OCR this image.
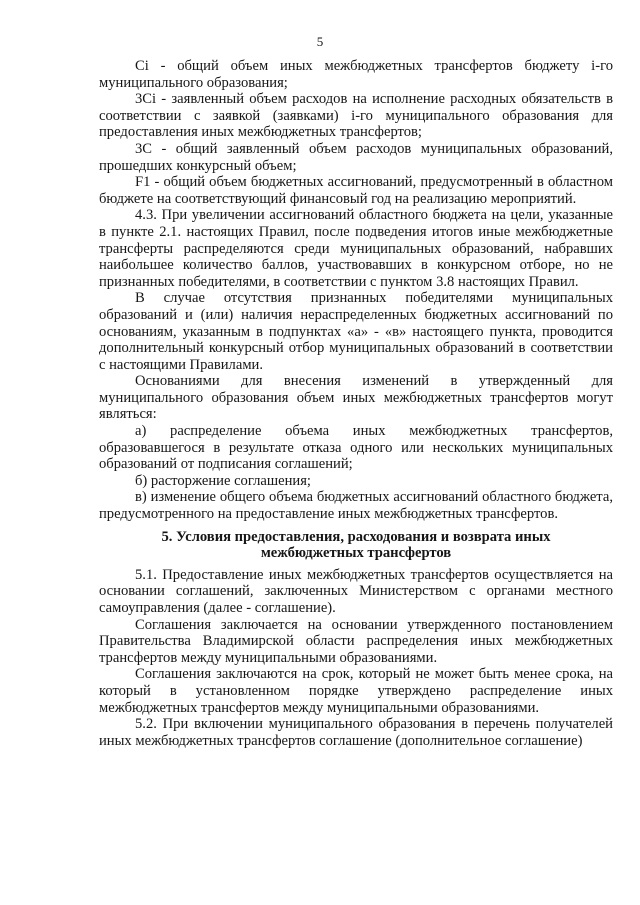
5

Ci - общий объем иных межбюджетных трансфертов бюджету i-го муниципального образования;

3Ci - заявленный объем расходов на исполнение расходных обязательств в соответствии с заявкой (заявками) i-го муниципального образования для предоставления иных межбюджетных трансфертов;

3C - общий заявленный объем расходов муниципальных образований, прошедших конкурсный объем;

F1 - общий объем бюджетных ассигнований, предусмотренный в областном бюджете на соответствующий финансовый год на реализацию мероприятий.

4.3. При увеличении ассигнований областного бюджета на цели, указанные в пункте 2.1. настоящих Правил, после подведения итогов иные межбюджетные трансферты распределяются среди муниципальных образований, набравших наибольшее количество баллов, участвовавших в конкурсном отборе, но не признанных победителями, в соответствии с пунктом 3.8 настоящих Правил.

В случае отсутствия признанных победителями муниципальных образований и (или) наличия нераспределенных бюджетных ассигнований по основаниям, указанным в подпунктах «а» - «в» настоящего пункта, проводится дополнительный конкурсный отбор муниципальных образований в соответствии с настоящими Правилами.

Основаниями для внесения изменений в утвержденный для муниципального образования объем иных межбюджетных трансфертов могут являться:

а) распределение объема иных межбюджетных трансфертов, образовавшегося в результате отказа одного или нескольких муниципальных образований от подписания соглашений;

б) расторжение соглашения;

в) изменение общего объема бюджетных ассигнований областного бюджета, предусмотренного на предоставление иных межбюджетных трансфертов.

5. Условия предоставления, расходования и возврата иных межбюджетных трансфертов

5.1. Предоставление иных межбюджетных трансфертов осуществляется на основании соглашений, заключенных Министерством с органами местного самоуправления (далее - соглашение).

Соглашения заключается на основании утвержденного постановлением Правительства Владимирской области распределения иных межбюджетных трансфертов между муниципальными образованиями.

Соглашения заключаются на срок, который не может быть менее срока, на который в установленном порядке утверждено распределение иных межбюджетных трансфертов между муниципальными образованиями.

5.2. При включении муниципального образования в перечень получателей иных межбюджетных трансфертов соглашение (дополнительное соглашение)
